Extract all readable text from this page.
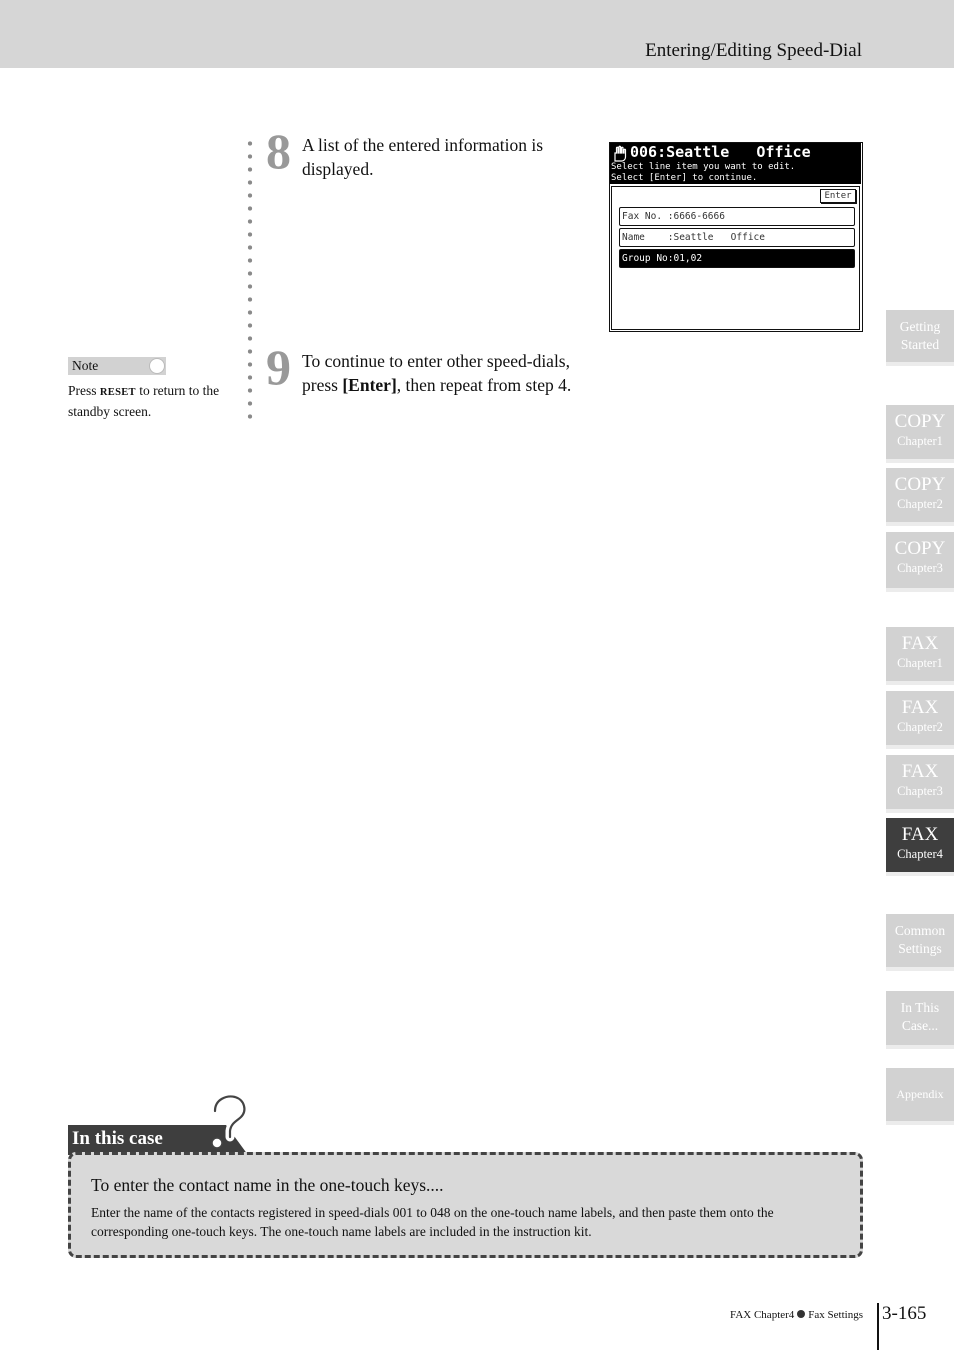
Entering/Editing Speed-Dial
8 A list of the entered information is displayed.
9 To continue to enter other speed-dials, press [Enter], then repeat from step 4.
Note
Press RESET to return to the standby screen.
006:Seattle   Office
Select line item you want to edit.
Select [Enter] to continue.
Enter
Fax No. :6666-6666
Name    :Seattle   Office
Group No:01,02
Getting
Started
COPY
Chapter1
COPY
Chapter2
COPY
Chapter3
FAX
Chapter1
FAX
Chapter2
FAX
Chapter3
FAX
Chapter4
Common
Settings
In This
Case...
Appendix
In this case
To enter the contact name in the one-touch keys....
Enter the name of the contacts registered in speed-dials 001 to 048 on the one-touch name labels, and then paste them onto the corresponding one-touch keys. The one-touch name labels are included in the instruction kit.
FAX Chapter4 Fax Settings 3-165
